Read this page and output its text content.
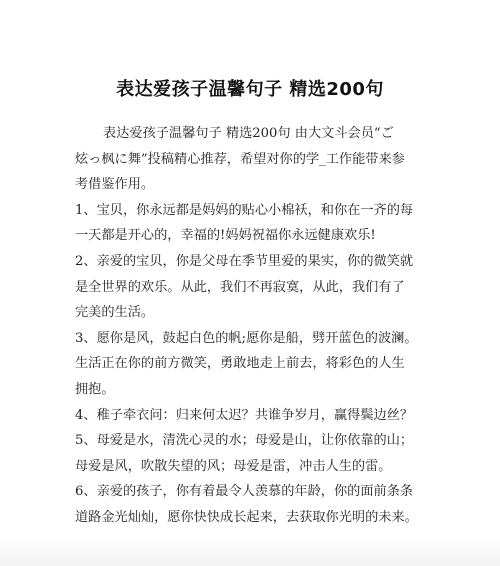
表达爱孩子温馨句子 精选200句
表达爱孩子温馨句子 精选200句 由大文斗会员“ご
炫っ枫に舞”投稿精心推荐，希望对你的学_工作能带来参
考借鉴作用。
1、宝贝，你永远都是妈妈的贴心小棉袄，和你在一齐的每
一天都是开心的，幸福的!妈妈祝福你永远健康欢乐!
2、亲爱的宝贝，你是父母在季节里爱的果实，你的微笑就
是全世界的欢乐。从此，我们不再寂寞，从此，我们有了
完美的生活。
3、愿你是风，鼓起白色的帆;愿你是船，劈开蓝色的波澜。
生活正在你的前方微笑，勇敢地走上前去，将彩色的人生
拥抱。
4、稚子牵衣问：归来何太迟？共谁争岁月，赢得鬓边丝？
5、母爱是水，清洗心灵的水；母爱是山，让你依靠的山；
母爱是风，吹散失望的风；母爱是雷，冲击人生的雷。
6、亲爱的孩子，你有着最令人羡慕的年龄，你的面前条条
道路金光灿灿，愿你快快成长起来，去获取你光明的未来。
